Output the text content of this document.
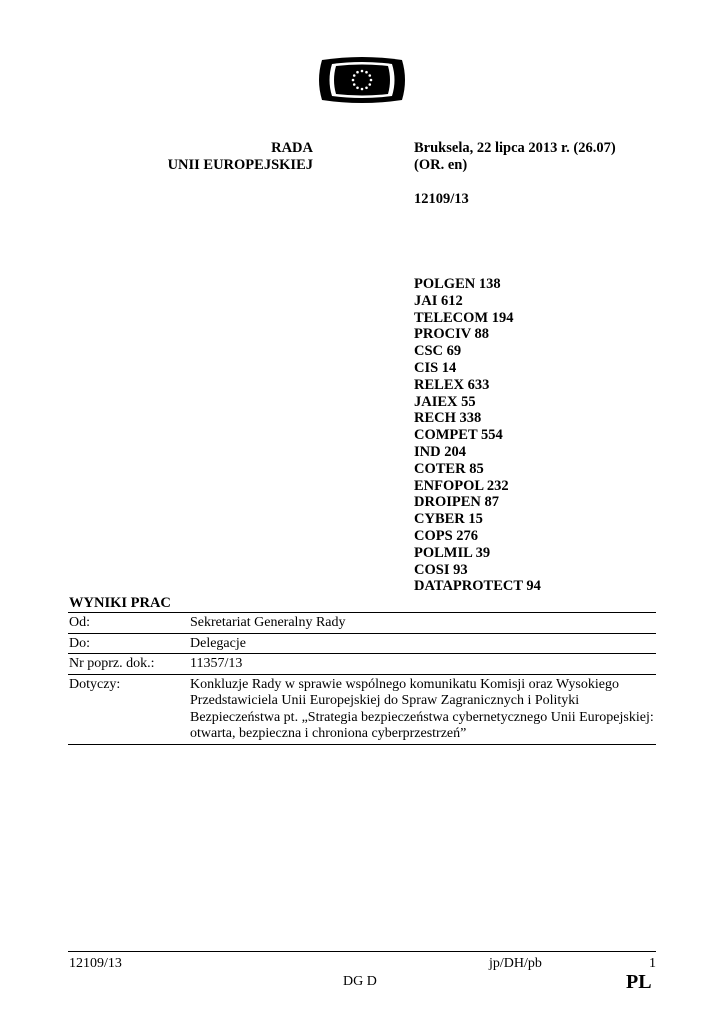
RADA
UNII EUROPEJSKIEJ
Bruksela, 22 lipca 2013 r. (26.07)
(OR. en)
12109/13
POLGEN 138
JAI 612
TELECOM 194
PROCIV 88
CSC 69
CIS 14
RELEX 633
JAIEX 55
RECH 338
COMPET 554
IND 204
COTER 85
ENFOPOL 232
DROIPEN 87
CYBER 15
COPS 276
POLMIL 39
COSI 93
DATAPROTECT 94
WYNIKI PRAC
Od:	Sekretariat Generalny Rady
Do:	Delegacje
Nr poprz. dok.:	11357/13
Dotyczy:	Konkluzje Rady w sprawie wspólnego komunikatu Komisji oraz Wysokiego Przedstawiciela Unii Europejskiej do Spraw Zagranicznych i Polityki Bezpieczeństwa pt. „Strategia bezpieczeństwa cybernetycznego Unii Europejskiej: otwarta, bezpieczna i chroniona cyberprzestrzeń”
12109/13	jp/DH/pb	1
DG D	PL
